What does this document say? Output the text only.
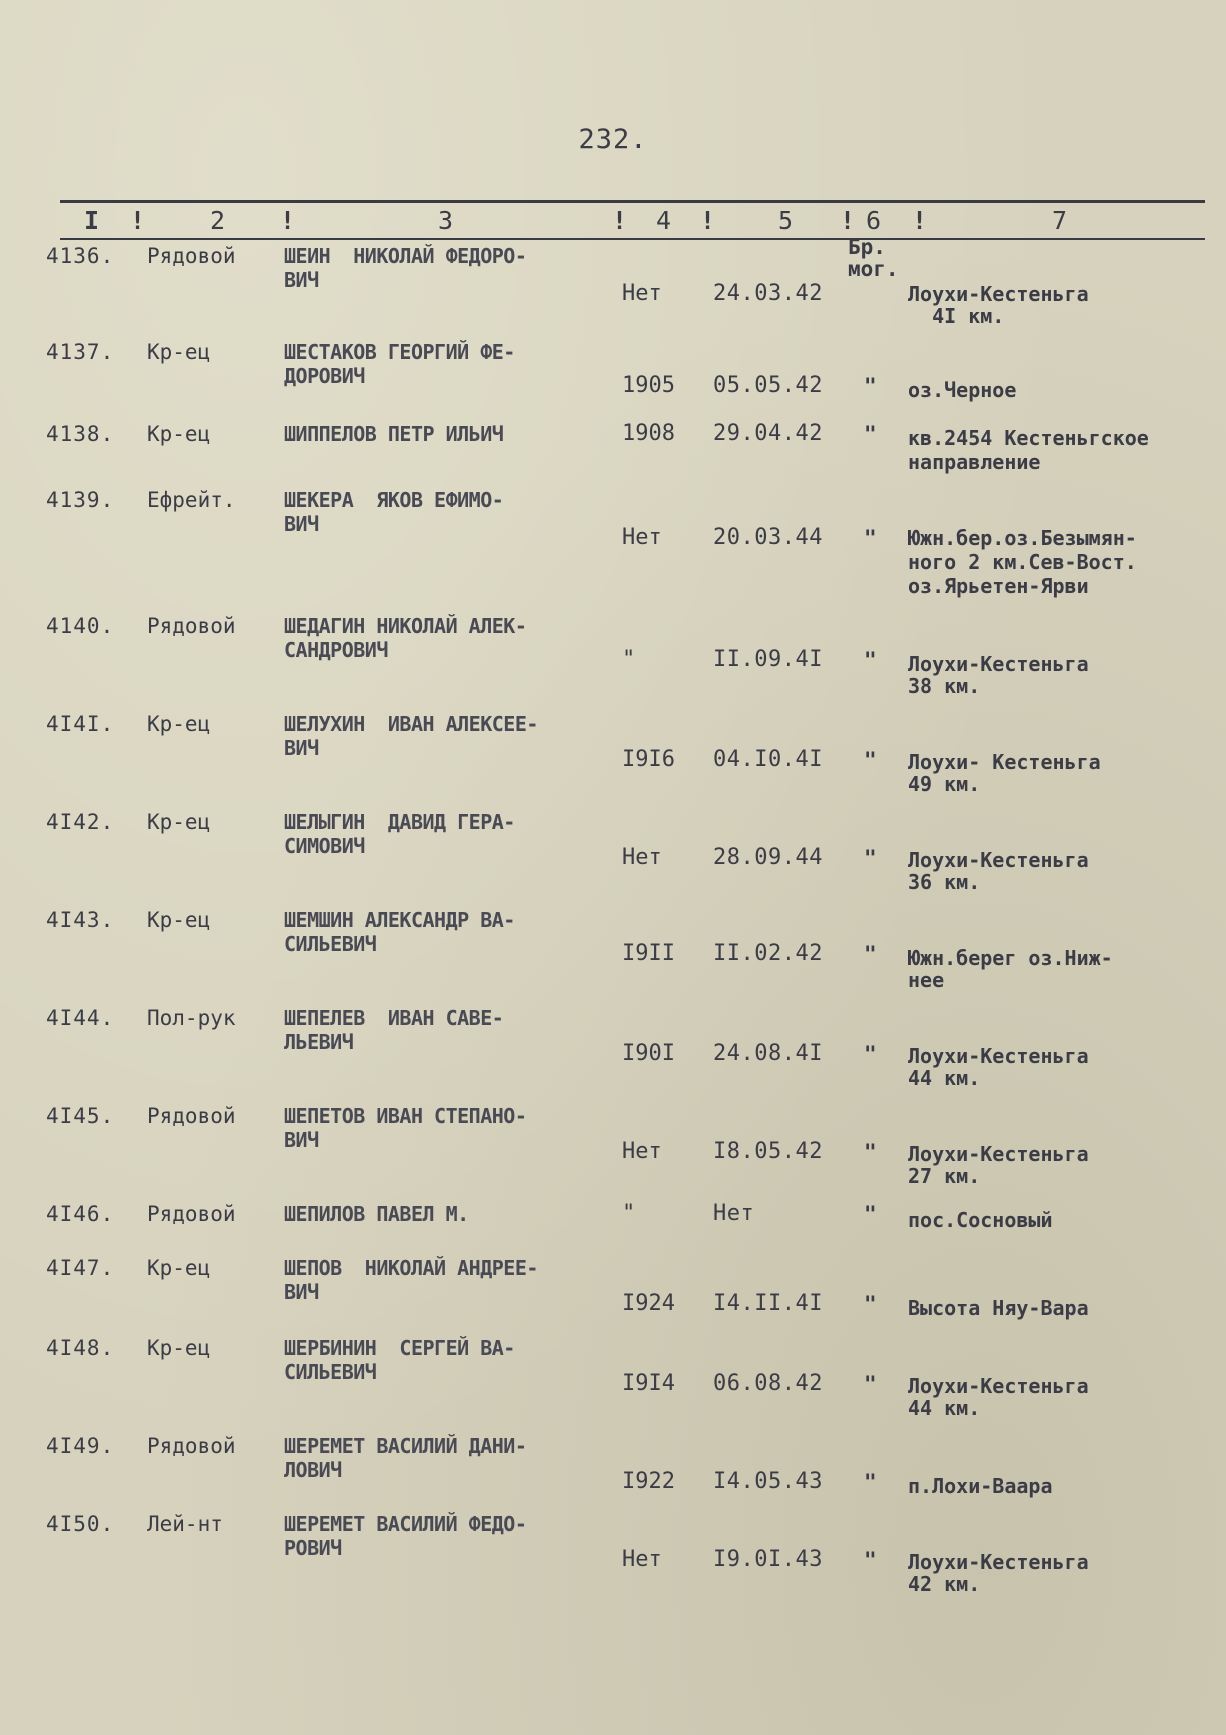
232.
I !	2 !	3	! 4 !	5 ! 6 !	7
Бр.
мог.
4136. Рядовой ШЕИН  НИКОЛАЙ ФЕДОРО-
ВИЧ
Нет 24.03.42	Лоухи-Кестеньга
4I км.
4137. Кр-ец	ШЕСТАКОВ ГЕОРГИЙ ФЕ-
ДОРОВИЧ	1905 05.05.42 " оз.Черное
4138. Кр-ец	ШИППЕЛОВ ПЕТР ИЛЬИЧ	1908 29.04.42 " кв.2454 Кестеньгское
направление
4139. Ефрейт. ШЕКЕРА  ЯКОВ ЕФИМО-
ВИЧ
Нет 20.03.44 " Южн.бер.оз.Безымян-
ного 2 км.Сев-Вост.
оз.Ярьетен-Ярви
4140. Рядовой ШЕДАГИН НИКОЛАЙ АЛЕК-
САНДРОВИЧ	"	II.09.4I " Лоухи-Кестеньга
38 км.
4I4I. Кр-ец	ШЕЛУХИН  ИВАН АЛЕКСЕЕ-
ВИЧ	I9I6 04.I0.4I " Лоухи- Кестеньга
49 км.
4I42. Кр-ец	ШЕЛЫГИН  ДАВИД ГЕРА-
СИМОВИЧ	Нет 28.09.44 " Лоухи-Кестеньга
36 км.
4I43. Кр-ец	ШЕМШИН АЛЕКСАНДР ВА-
СИЛЬЕВИЧ	I9II II.02.42 " Южн.берег оз.Ниж-
нее
4I44. Пол-рук ШЕПЕЛЕВ  ИВАН САВЕ-
ЛЬЕВИЧ	I90I 24.08.4I " Лоухи-Кестеньга
44 км.
4I45. Рядовой ШЕПЕТОВ ИВАН СТЕПАНО-
ВИЧ	Нет I8.05.42 " Лоухи-Кестеньга
27 км.
4I46. Рядовой ШЕПИЛОВ ПАВЕЛ М.	"	Нет	" пос.Сосновый
4I47. Кр-ец	ШЕПОВ  НИКОЛАЙ АНДРЕЕ-
ВИЧ	I924 I4.II.4I " Высота Няу-Вара
4I48. Кр-ец	ШЕРБИНИН  СЕРГЕЙ ВА-
СИЛЬЕВИЧ	I9I4 06.08.42 " Лоухи-Кестеньга
44 км.
4I49. Рядовой ШЕРЕМЕТ ВАСИЛИЙ ДАНИ-
ЛОВИЧ	I922 I4.05.43 " п.Лохи-Ваара
4I50. Лей-нт	ШЕРЕМЕТ ВАСИЛИЙ ФЕДО-
РОВИЧ	Нет I9.0I.43 " Лоухи-Кестеньга
42 км.
